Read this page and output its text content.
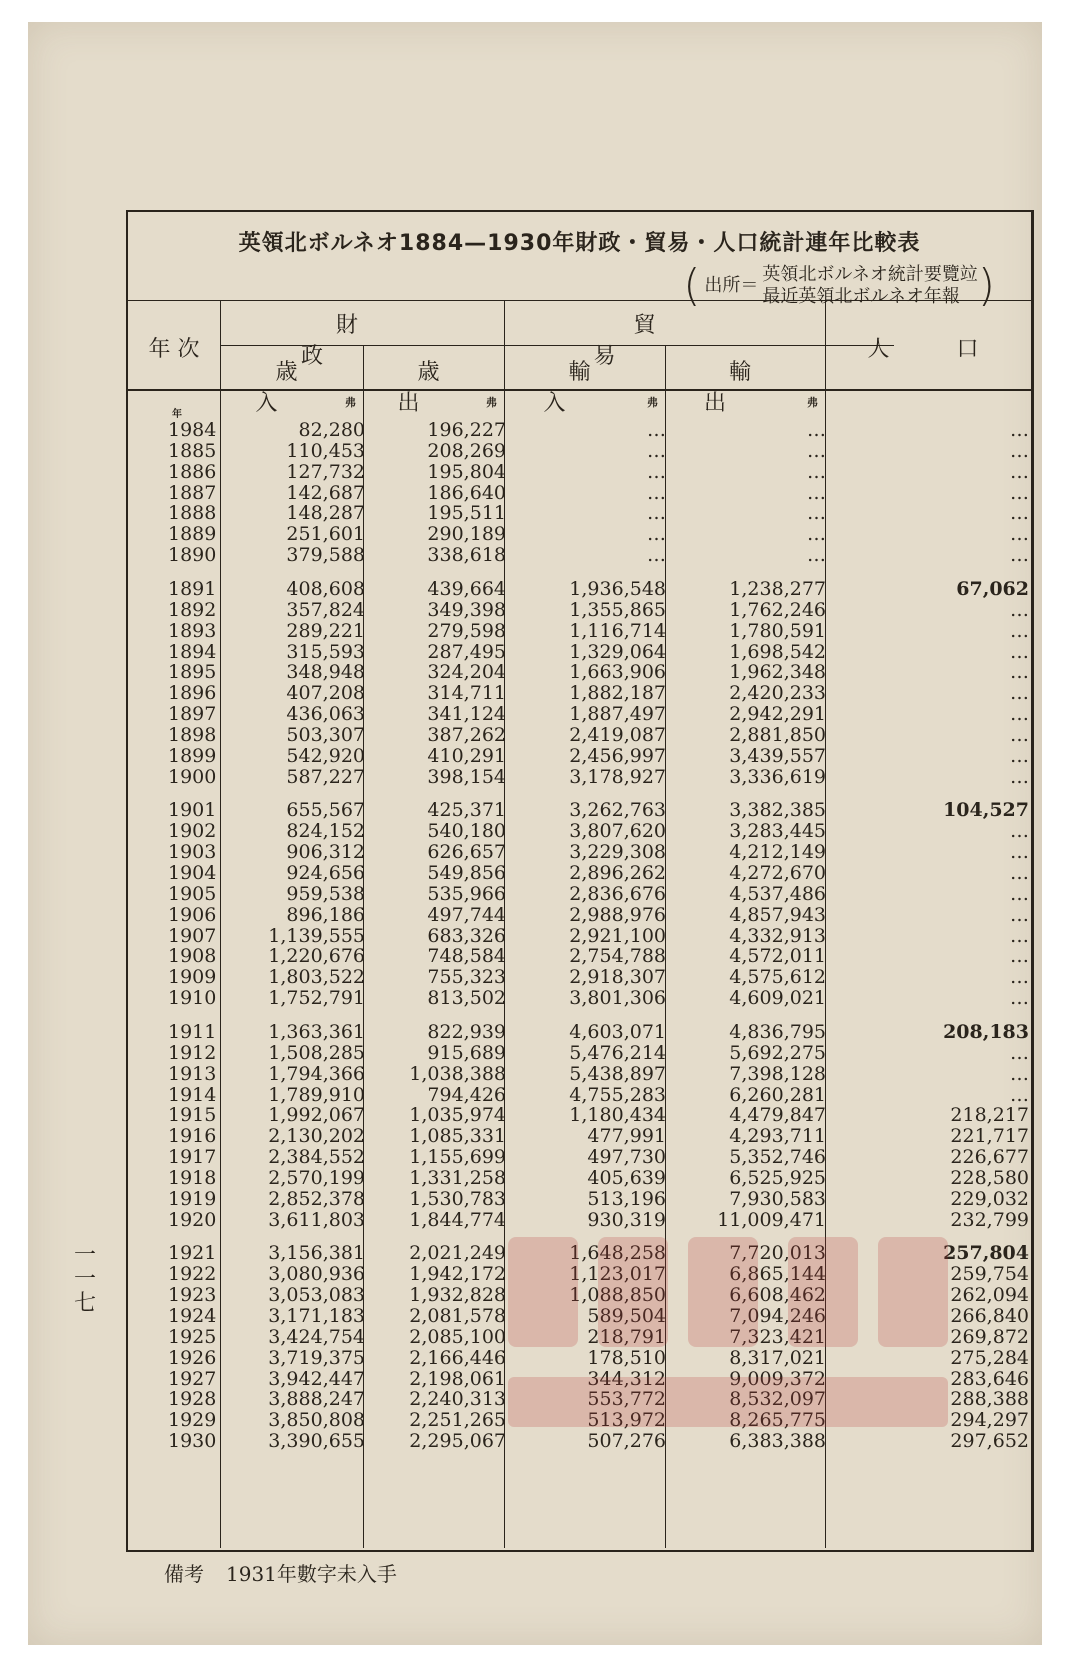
英領北ボルネオ1884—1930年財政・貿易・人口統計連年比較表
( 出所＝
英領北ボルネオ統計要覽竝
最近英領北ボルネオ年報 )
年 次
財 政
歳 入
歳 出
貿 易
輸 入
輸 出
人 口
年
弗	弗	弗	弗
1984	82,280	196,227	…	…	…
1885	110,453	208,269	…	…	…
1886	127,732	195,804	…	…	…
1887	142,687	186,640	…	…	…
1888	148,287	195,511	…	…	…
1889	251,601	290,189	…	…	…
1890	379,588	338,618	…	…	…
1891	408,608	439,664	1,936,548	1,238,277	67,062
1892	357,824	349,398	1,355,865	1,762,246	…
1893	289,221	279,598	1,116,714	1,780,591	…
1894	315,593	287,495	1,329,064	1,698,542	…
1895	348,948	324,204	1,663,906	1,962,348	…
1896	407,208	314,711	1,882,187	2,420,233	…
1897	436,063	341,124	1,887,497	2,942,291	…
1898	503,307	387,262	2,419,087	2,881,850	…
1899	542,920	410,291	2,456,997	3,439,557	…
1900	587,227	398,154	3,178,927	3,336,619	…
1901	655,567	425,371	3,262,763	3,382,385	104,527
1902	824,152	540,180	3,807,620	3,283,445	…
1903	906,312	626,657	3,229,308	4,212,149	…
1904	924,656	549,856	2,896,262	4,272,670	…
1905	959,538	535,966	2,836,676	4,537,486	…
1906	896,186	497,744	2,988,976	4,857,943	…
1907	1,139,555	683,326	2,921,100	4,332,913	…
1908	1,220,676	748,584	2,754,788	4,572,011	…
1909	1,803,522	755,323	2,918,307	4,575,612	…
1910	1,752,791	813,502	3,801,306	4,609,021	…
1911	1,363,361	822,939	4,603,071	4,836,795	208,183
1912	1,508,285	915,689	5,476,214	5,692,275	…
1913	1,794,366 1,038,388	5,438,897	7,398,128	…
1914	1,789,910	794,426	4,755,283	6,260,281	…
1915	1,992,067 1,035,974	1,180,434	4,479,847	218,217
1916	2,130,202 1,085,331	477,991	4,293,711	221,717
1917	2,384,552 1,155,699	497,730	5,352,746	226,677
1918	2,570,199 1,331,258	405,639	6,525,925	228,580
1919	2,852,378 1,530,783	513,196	7,930,583	229,032
1920	3,611,803 1,844,774	930,319	11,009,471	232,799
1921	3,156,381 2,021,249	1,648,258	7,720,013	257,804
1922	3,080,936 1,942,172	1,123,017	6,865,144	259,754
1923	3,053,083 1,932,828	1,088,850	6,608,462	262,094
1924	3,171,183 2,081,578	589,504	7,094,246	266,840
1925	3,424,754 2,085,100	218,791	7,323,421	269,872
1926	3,719,375 2,166,446	178,510	8,317,021	275,284
1927	3,942,447 2,198,061	344,312	9,009,372	283,646
1928	3,888,247 2,240,313	553,772	8,532,097	288,388
1929	3,850,808 2,251,265	513,972	8,265,775	294,297
1930	3,390,655 2,295,067	507,276	6,383,388	297,652
一一七
備考 1931年數字未入手
